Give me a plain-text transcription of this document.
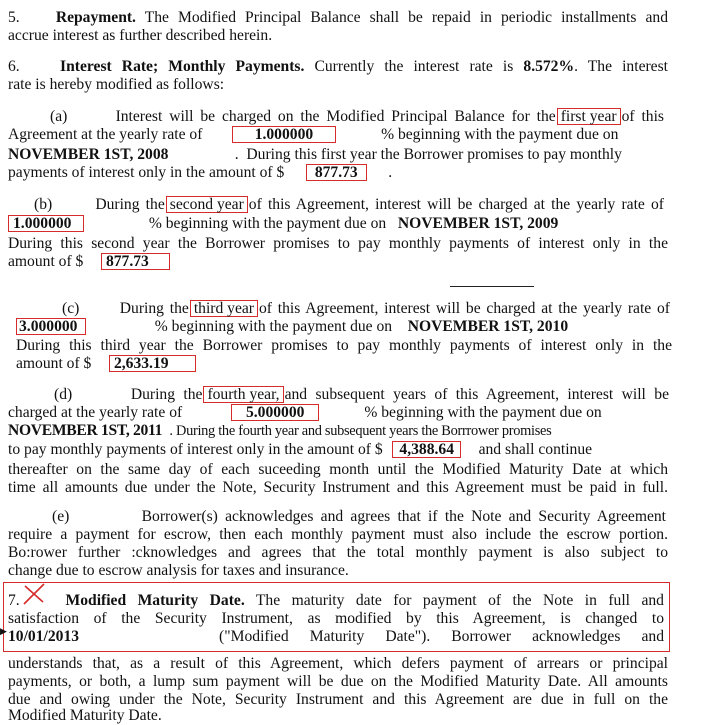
5. Repayment. The Modified Principal Balance shall be repaid in periodic installments and
accrue interest as further described herein.
6.	Interest Rate; Monthly Payments. Currently the interest rate is 8.572%. The interest
rate is hereby modified as follows:
(a)	Interest will be charged on the Modified Principal Balance for the first year of this
Agreement at the yearly rate of	1.000000	% beginning with the payment due on
NOVEMBER 1ST, 2008                 .  During this first year the Borrower promises to pay monthly
payments of interest only in the amount of $ 877.73     .
(b)	During the second year of this Agreement, interest will be charged at the yearly rate of
1.000000	% beginning with the payment due on NOVEMBER 1ST, 2009
During this second year the Borrower promises to pay monthly payments of interest only in the
amount of $ 877.73
(c)	During the third year of this Agreement, interest will be charged at the yearly rate of
3.000000	% beginning with the payment due on NOVEMBER 1ST, 2010
During this third year the Borrower promises to pay monthly payments of interest only in the
amount of $ 2,633.19
(d)	During the fourth year, and subsequent years of this Agreement, interest will be
charged at the yearly rate of	5.000000	% beginning with the payment due on
NOVEMBER 1ST, 2011 . During the fourth year and subsequent years the Borrrower promises
to pay monthly payments of interest only in the amount of $ 4,388.64 and shall continue
thereafter on the same day of each suceeding month until the Modified Maturity Date at which
time all amounts due under the Note, Security Instrument and this Agreement must be paid in full.
(e)	Borrower(s) acknowledges and agrees that if the Note and Security Agreement
require a payment for escrow, then each monthly payment must also include the escrow portion.
Bo:rower further :cknowledges and agrees that the total monthly payment is also subject to
change due to escrow analysis for taxes and insurance.
▶
7.	Modified Maturity Date. The maturity date for payment of the Note in full and
satisfaction of the Security Instrument, as modified by this Agreement, is changed to
10/01/2013	("Modified Maturity Date"). Borrower acknowledges and
understands that, as a result of this Agreement, which defers payment of arrears or principal
payments, or both, a lump sum payment will be due on the Modified Maturity Date. All amounts
due and owing under the Note, Security Instrument and this Agreement are due in full on the
Modified Maturity Date.
